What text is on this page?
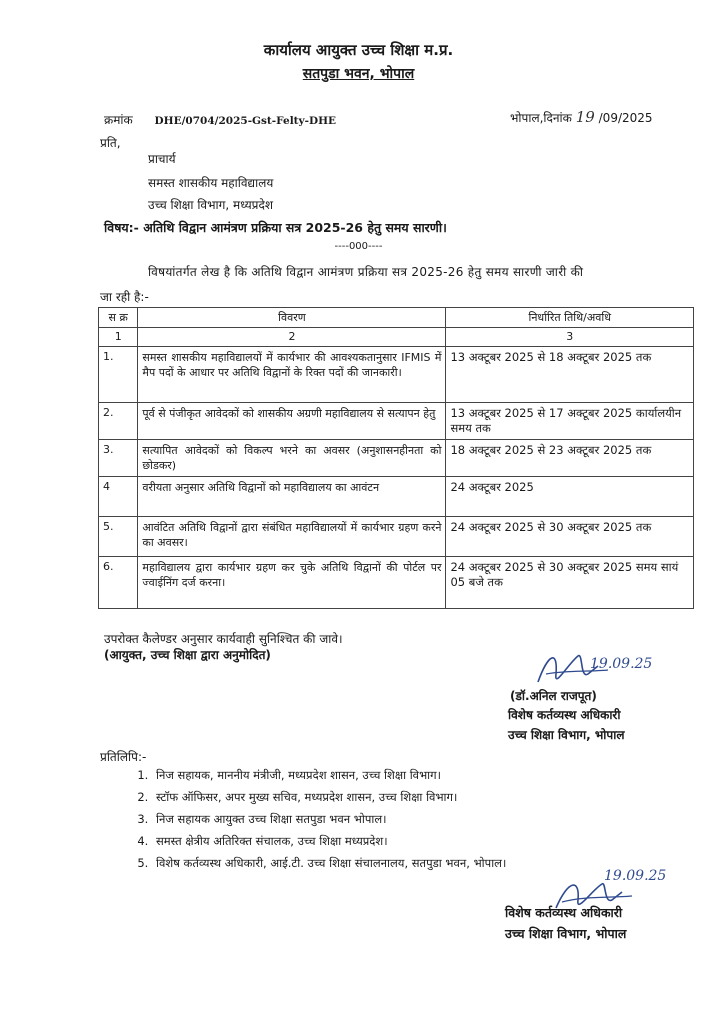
कार्यालय आयुक्त उच्च शिक्षा म.प्र.
सतपुडा भवन, भोपाल
क्रमांक DHE/0704/2025-Gst-Felty-DHE	भोपाल,दिनांक 19 /09/2025
प्रति,
प्राचार्य
समस्त शासकीय महाविद्यालय
उच्च शिक्षा विभाग, मध्यप्रदेश
विषय:- अतिथि विद्वान आमंत्रण प्रक्रिया सत्र 2025-26 हेतु समय सारणी।
----000----
विषयांतर्गत लेख है कि अतिथि विद्वान आमंत्रण प्रक्रिया सत्र 2025-26 हेतु समय सारणी जारी की
जा रही है:-
स क्र	विवरण	निर्धारित तिथि/अवधि
1	2	3
1.	समस्त शासकीय महाविद्यालयों में कार्यभार की आवश्यकतानुसार IFMIS में मैप पदों के आधार पर अतिथि विद्वानों के रिक्त पदों की जानकारी।	13 अक्टूबर 2025 से 18 अक्टूबर 2025 तक
2.	पूर्व से पंजीकृत आवेदकों को शासकीय अग्रणी महाविद्यालय से सत्यापन हेतु	13 अक्टूबर 2025 से 17 अक्टूबर 2025 कार्यालयीन समय तक
3.	सत्यापित आवेदकों को विकल्प भरने का अवसर (अनुशासनहीनता को छोडकर)	18 अक्टूबर 2025 से 23 अक्टूबर 2025 तक
4	वरीयता अनुसार अतिथि विद्वानों को महाविद्यालय का आवंटन	24 अक्टूबर 2025
5.	आवंटित अतिथि विद्वानों द्वारा संबंधित महाविद्यालयों में कार्यभार ग्रहण करने का अवसर।	24 अक्टूबर 2025 से 30 अक्टूबर 2025 तक
6.	महाविद्यालय द्वारा कार्यभार ग्रहण कर चुके अतिथि विद्वानों की पोर्टल पर ज्वाईनिंग दर्ज करना।	24 अक्टूबर 2025 से 30 अक्टूबर 2025 समय सायं 05 बजे तक
उपरोक्त कैलेण्डर अनुसार कार्यवाही सुनिश्चित की जावे।
(आयुक्त, उच्च शिक्षा द्वारा अनुमोदित)
19.09.25
(डॉ.अनिल राजपूत)
विशेष कर्तव्यस्थ अधिकारी
उच्च शिक्षा विभाग, भोपाल
प्रतिलिपि:-
1. निज सहायक, माननीय मंत्रीजी, मध्यप्रदेश शासन, उच्च शिक्षा विभाग।
2. स्टॉफ ऑफिसर, अपर मुख्य सचिव, मध्यप्रदेश शासन, उच्च शिक्षा विभाग।
3. निज सहायक आयुक्त उच्च शिक्षा सतपुडा भवन भोपाल।
4. समस्त क्षेत्रीय अतिरिक्त संचालक, उच्च शिक्षा मध्यप्रदेश।
5. विशेष कर्तव्यस्थ अधिकारी, आई.टी. उच्च शिक्षा संचालनालय, सतपुडा भवन, भोपाल।
19.09.25
विशेष कर्तव्यस्थ अधिकारी
उच्च शिक्षा विभाग, भोपाल
